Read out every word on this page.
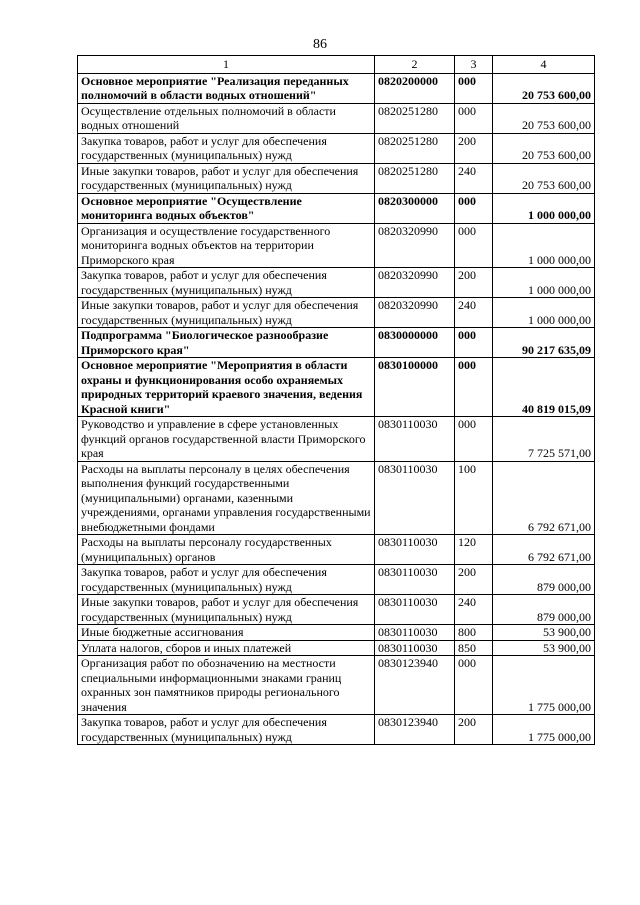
86
1	2	3	4
Основное мероприятие "Реализация переданных полномочий в области водных отношений"	0820200000	000	20 753 600,00
Осуществление отдельных полномочий в области водных отношений	0820251280	000	20 753 600,00
Закупка товаров, работ и услуг для обеспечения государственных (муниципальных) нужд	0820251280	200	20 753 600,00
Иные закупки товаров, работ и услуг для обеспечения государственных (муниципальных) нужд	0820251280	240	20 753 600,00
Основное мероприятие "Осуществление мониторинга водных объектов"	0820300000	000	1 000 000,00
Организация и осуществление государственного мониторинга водных объектов на территории Приморского края	0820320990	000	1 000 000,00
Закупка товаров, работ и услуг для обеспечения государственных (муниципальных) нужд	0820320990	200	1 000 000,00
Иные закупки товаров, работ и услуг для обеспечения государственных (муниципальных) нужд	0820320990	240	1 000 000,00
Подпрограмма "Биологическое разнообразие Приморского края"	0830000000	000	90 217 635,09
Основное мероприятие "Мероприятия в области охраны и функционирования особо охраняемых природных территорий краевого значения, ведения Красной книги"	0830100000	000	40 819 015,09
Руководство и управление в сфере установленных функций органов государственной власти Приморского края	0830110030	000	7 725 571,00
Расходы на выплаты персоналу в целях обеспечения выполнения функций государственными (муниципальными) органами, казенными учреждениями, органами управления государственными внебюджетными фондами	0830110030	100	6 792 671,00
Расходы на выплаты персоналу государственных (муниципальных) органов	0830110030	120	6 792 671,00
Закупка товаров, работ и услуг для обеспечения государственных (муниципальных) нужд	0830110030	200	879 000,00
Иные закупки товаров, работ и услуг для обеспечения государственных (муниципальных) нужд	0830110030	240	879 000,00
Иные бюджетные ассигнования	0830110030	800	53 900,00
Уплата налогов, сборов и иных платежей	0830110030	850	53 900,00
Организация работ по обозначению на местности специальными информационными знаками границ охранных зон памятников природы регионального значения	0830123940	000	1 775 000,00
Закупка товаров, работ и услуг для обеспечения государственных (муниципальных) нужд	0830123940	200	1 775 000,00
